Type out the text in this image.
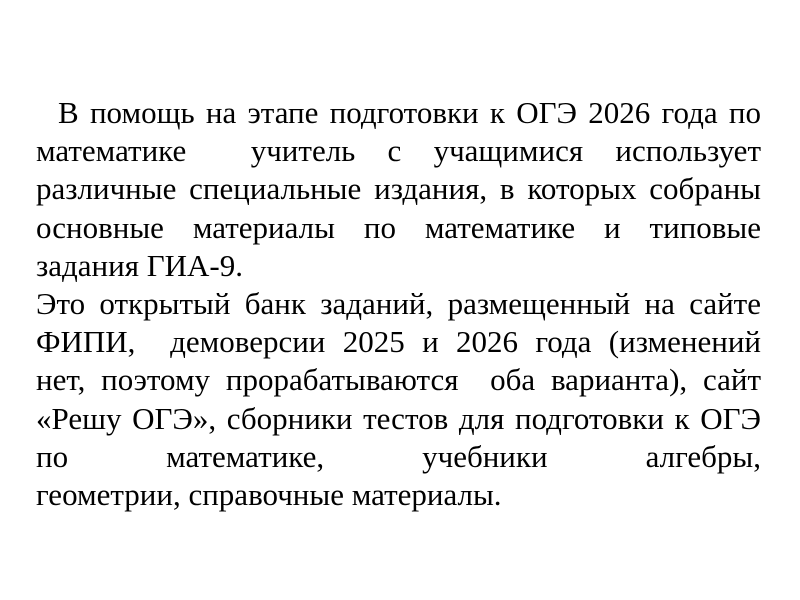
В помощь на этапе подготовки к ОГЭ 2026 года по
математике  учитель с учащимися использует
различные специальные издания, в которых собраны
основные материалы по математике и типовые
задания ГИА-9.
Это открытый банк заданий, размещенный на сайте
ФИПИ,  демоверсии 2025 и 2026 года (изменений
нет, поэтому прорабатываются  оба варианта), сайт
«Решу ОГЭ», сборники тестов для подготовки к ОГЭ
по математике, учебники алгебры,
геометрии, справочные материалы.
